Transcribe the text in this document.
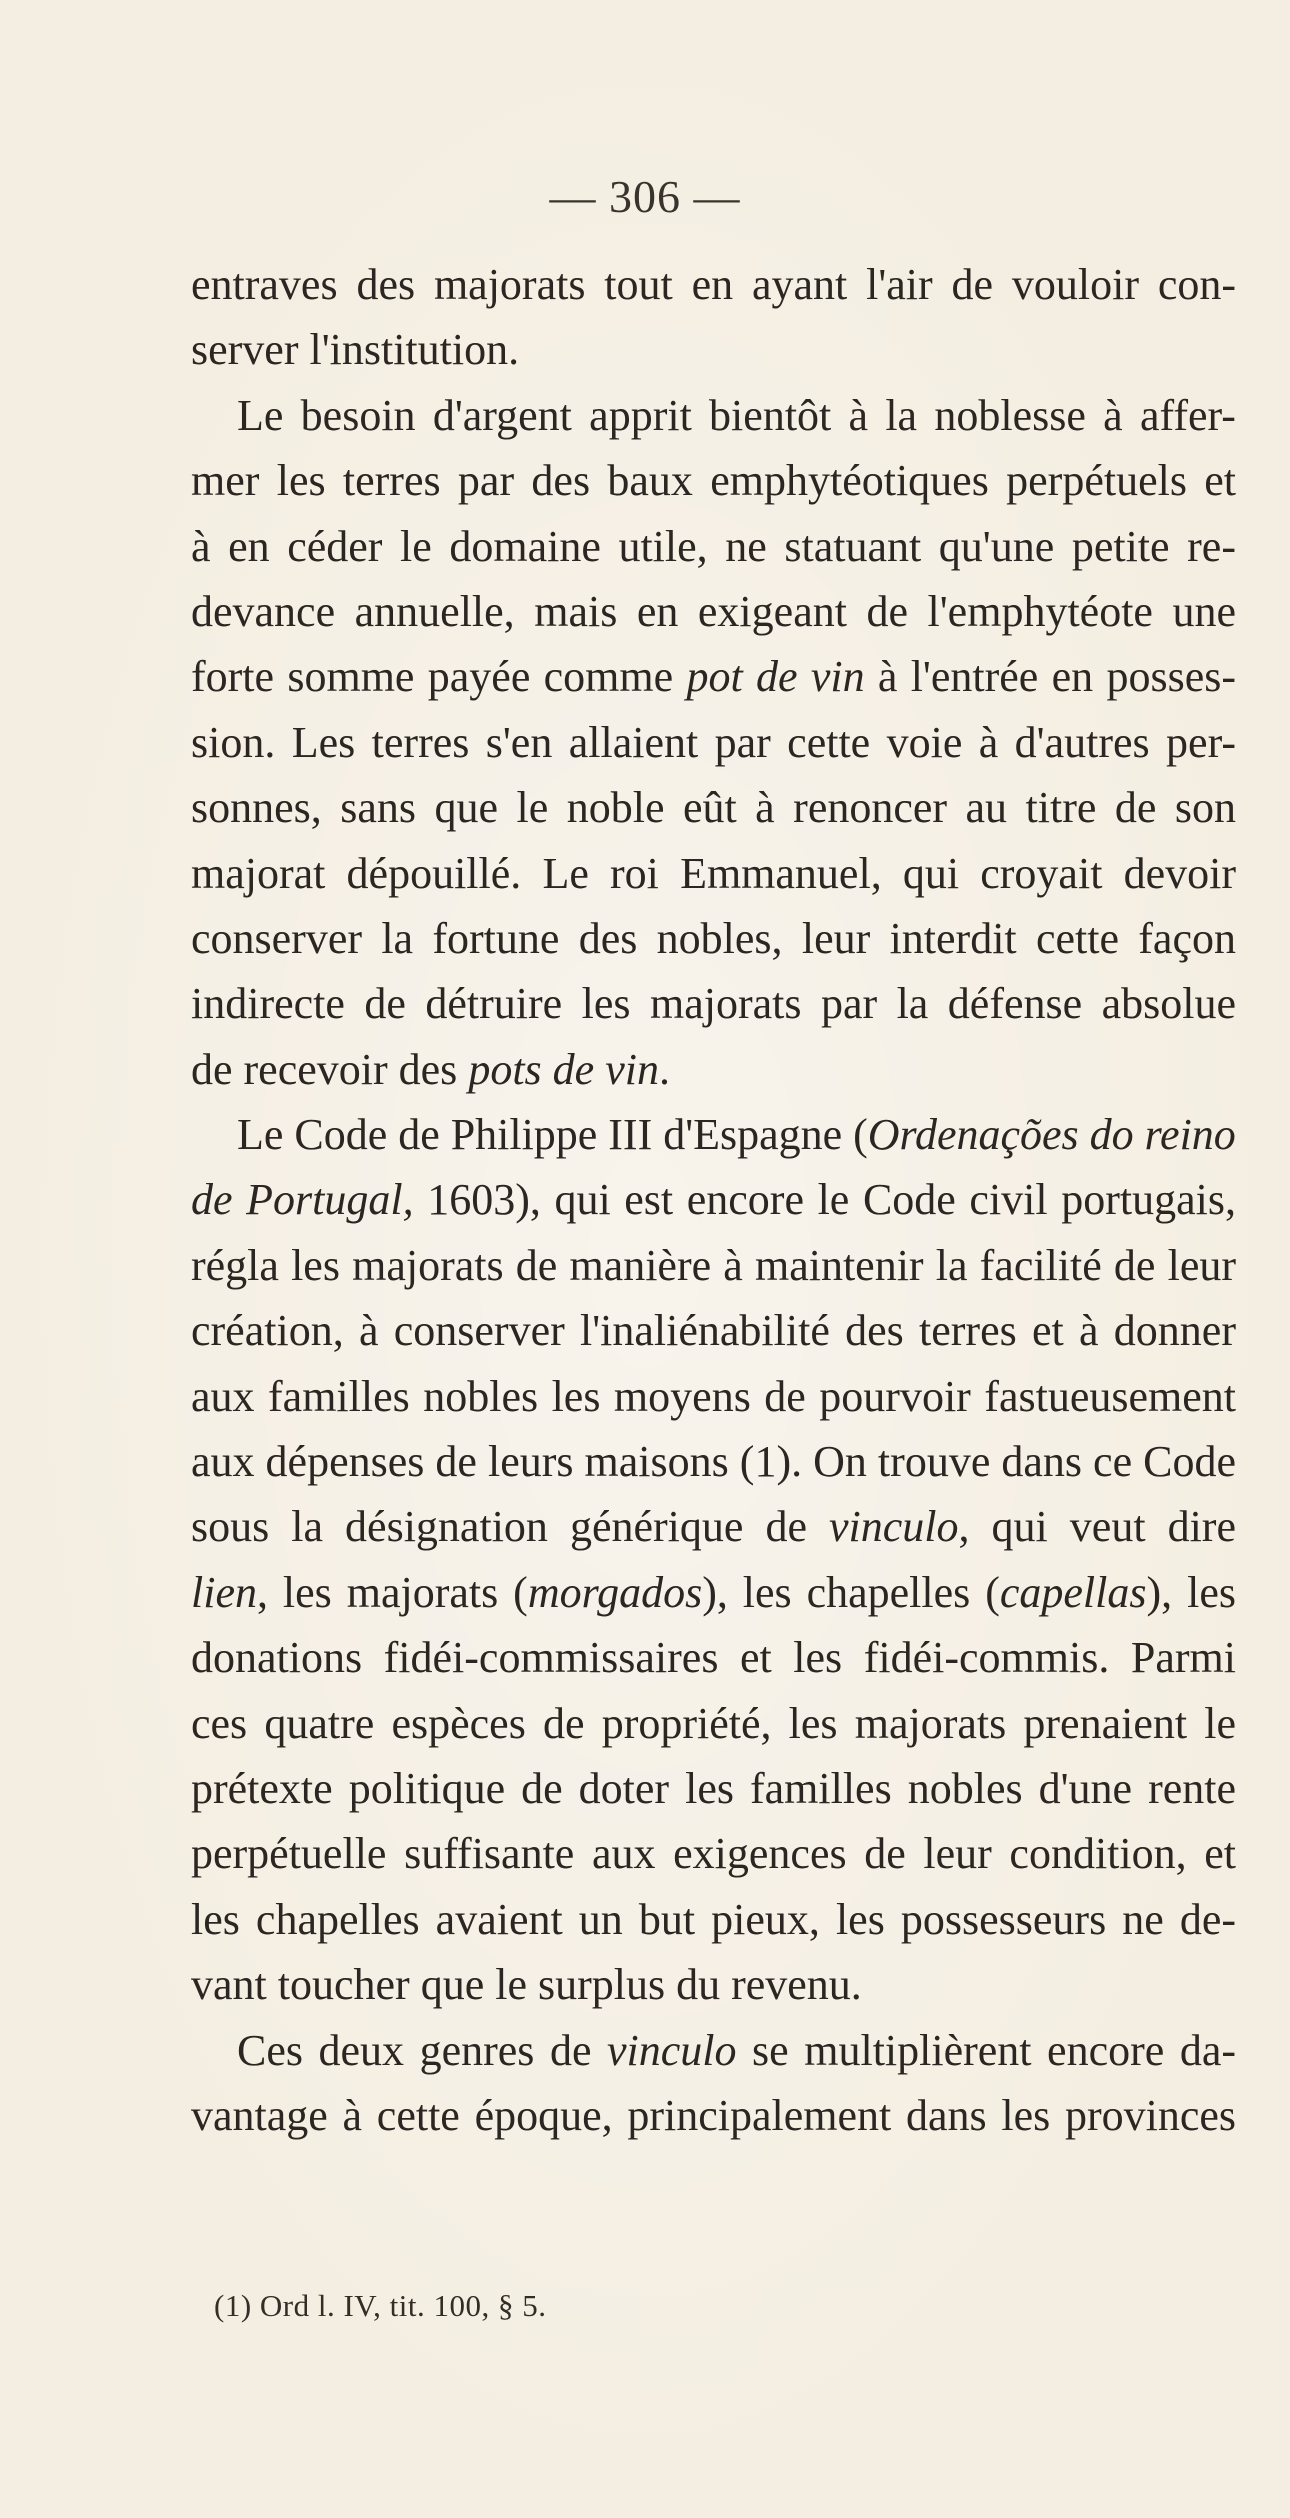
— 306 —
entraves des majorats tout en ayant l'air de vouloir con-
server l'institution.
Le besoin d'argent apprit bientôt à la noblesse à affer-
mer les terres par des baux emphytéotiques perpétuels et
à en céder le domaine utile, ne statuant qu'une petite re-
devance annuelle, mais en exigeant de l'emphytéote une
forte somme payée comme pot de vin à l'entrée en posses-
sion. Les terres s'en allaient par cette voie à d'autres per-
sonnes, sans que le noble eût à renoncer au titre de son
majorat dépouillé. Le roi Emmanuel, qui croyait devoir
conserver la fortune des nobles, leur interdit cette façon
indirecte de détruire les majorats par la défense absolue
de recevoir des pots de vin .
Le Code de Philippe III d'Espagne (Ordenações do reino
de Portugal, 1603), qui est encore le Code civil portugais,
régla les majorats de manière à maintenir la facilité de leur
création, à conserver l'inaliénabilité des terres et à donner
aux familles nobles les moyens de pourvoir fastueusement
aux dépenses de leurs maisons (1). On trouve dans ce Code
sous la désignation générique de vinculo, qui veut dire
lien, les majorats (morgados), les chapelles (capellas), les
donations fidéi-commissaires et les fidéi-commis. Parmi
ces quatre espèces de propriété, les majorats prenaient le
prétexte politique de doter les familles nobles d'une rente
perpétuelle suffisante aux exigences de leur condition, et
les chapelles avaient un but pieux, les possesseurs ne de-
vant toucher que le surplus du revenu.
Ces deux genres de vinculo se multiplièrent encore da-
vantage à cette époque, principalement dans les provinces
(1) Ord l. IV, tit. 100, § 5.
